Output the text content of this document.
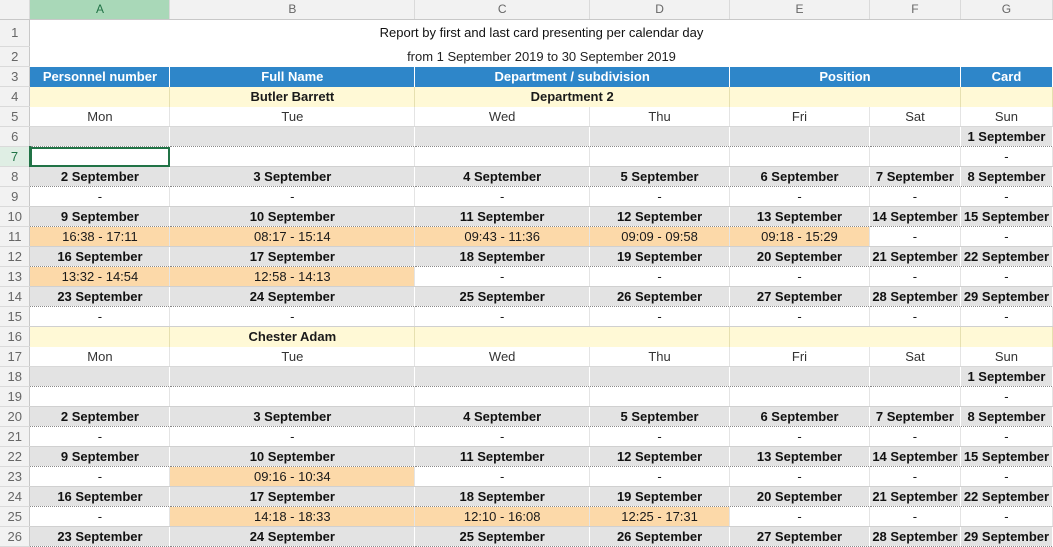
	A	B	C	D	E	F	G
1	Report by first and last card presenting per calendar day						
2	from 1 September 2019 to 30 September 2019						
3	Personnel number	Full Name	Department / subdivision		Position		Card
4		Butler Barrett	Department 2				
5	Mon	Tue	Wed	Thu	Fri	Sat	Sun
6							1 September
7							-
8	2 September	3 September	4 September	5 September	6 September	7 September	8 September
9	-	-	-	-	-	-	-
10	9 September	10 September	11 September	12 September	13 September	14 September	15 September
11	16:38 - 17:11	08:17 - 15:14	09:43 - 11:36	09:09 - 09:58	09:18 - 15:29	-	-
12	16 September	17 September	18 September	19 September	20 September	21 September	22 September
13	13:32 - 14:54	12:58 - 14:13	-	-	-	-	-
14	23 September	24 September	25 September	26 September	27 September	28 September	29 September
15	-	-	-	-	-	-	-
16		Chester Adam					
17	Mon	Tue	Wed	Thu	Fri	Sat	Sun
18							1 September
19							-
20	2 September	3 September	4 September	5 September	6 September	7 September	8 September
21	-	-	-	-	-	-	-
22	9 September	10 September	11 September	12 September	13 September	14 September	15 September
23	-	09:16 - 10:34	-	-	-	-	-
24	16 September	17 September	18 September	19 September	20 September	21 September	22 September
25	-	14:18 - 18:33	12:10 - 16:08	12:25 - 17:31	-	-	-
26	23 September	24 September	25 September	26 September	27 September	28 September	29 September
